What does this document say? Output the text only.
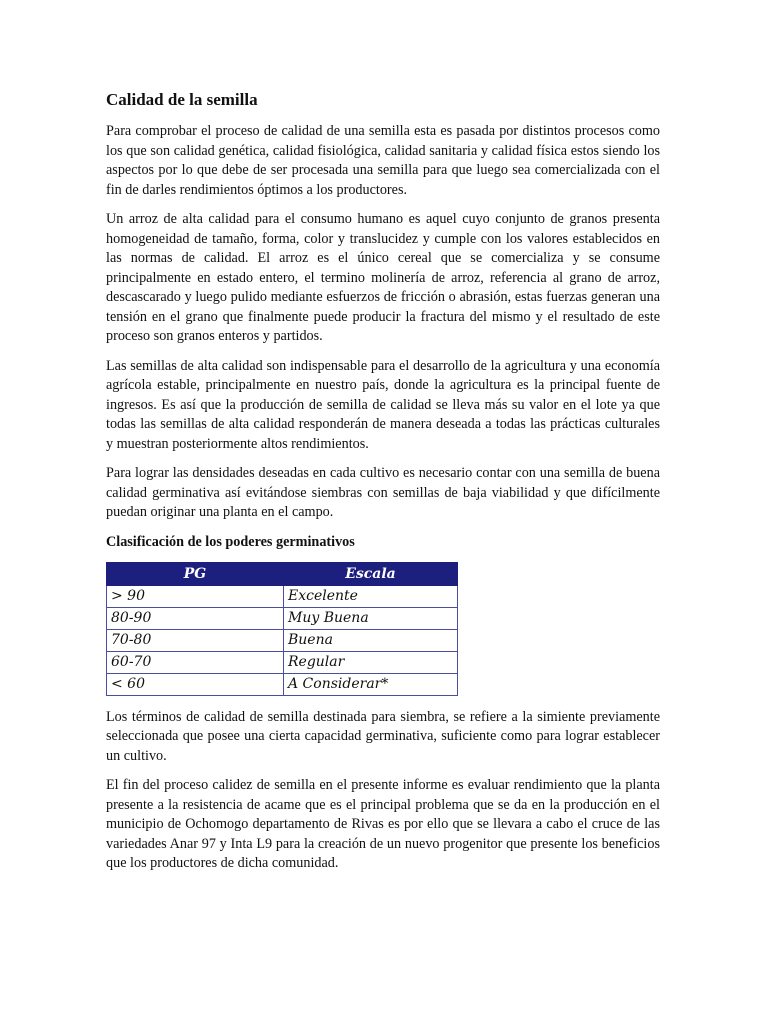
Calidad de la semilla

Para comprobar el proceso de calidad de una semilla esta es pasada por distintos procesos como los que son calidad genética, calidad fisiológica, calidad sanitaria y calidad física estos siendo los aspectos por lo que debe de ser procesada una semilla para que luego sea comercializada con el fin de darles rendimientos óptimos a los productores.

Un arroz de alta calidad para el consumo humano es aquel cuyo conjunto de granos presenta homogeneidad de tamaño, forma, color y translucidez y cumple con los valores establecidos en las normas de calidad. El arroz es el único cereal que se comercializa y se consume principalmente en estado entero, el termino molinería de arroz, referencia al grano de arroz, descascarado y luego pulido mediante esfuerzos de fricción o abrasión, estas fuerzas generan una tensión en el grano que finalmente puede producir la fractura del mismo y el resultado de este proceso son granos enteros y partidos.

Las semillas de alta calidad son indispensable para el desarrollo de la agricultura y una economía agrícola estable, principalmente en nuestro país, donde la agricultura es la principal fuente de ingresos. Es así que la producción de semilla de calidad se lleva más su valor en el lote ya que todas las semillas de alta calidad responderán de manera deseada a todas las prácticas culturales y muestran posteriormente altos rendimientos.

Para lograr las densidades deseadas en cada cultivo es necesario contar con una semilla de buena calidad germinativa así evitándose siembras con semillas de baja viabilidad y que difícilmente puedan originar una planta en el campo.

Clasificación de los poderes germinativos
PG	Escala
> 90	Excelente
80-90	Muy Buena
70-80	Buena
60-70	Regular
< 60	A Considerar*

Los términos de calidad de semilla destinada para siembra, se refiere a la simiente previamente seleccionada que posee una cierta capacidad germinativa, suficiente como para lograr establecer un cultivo.

El fin del proceso calidez de semilla en el presente informe es evaluar rendimiento que la planta presente a la resistencia de acame que es el principal problema que se da en la producción en el municipio de Ochomogo departamento de Rivas es por ello que se llevara a cabo el cruce de las variedades Anar 97 y Inta L9 para la creación de un nuevo progenitor que presente los beneficios que los productores de dicha comunidad.
